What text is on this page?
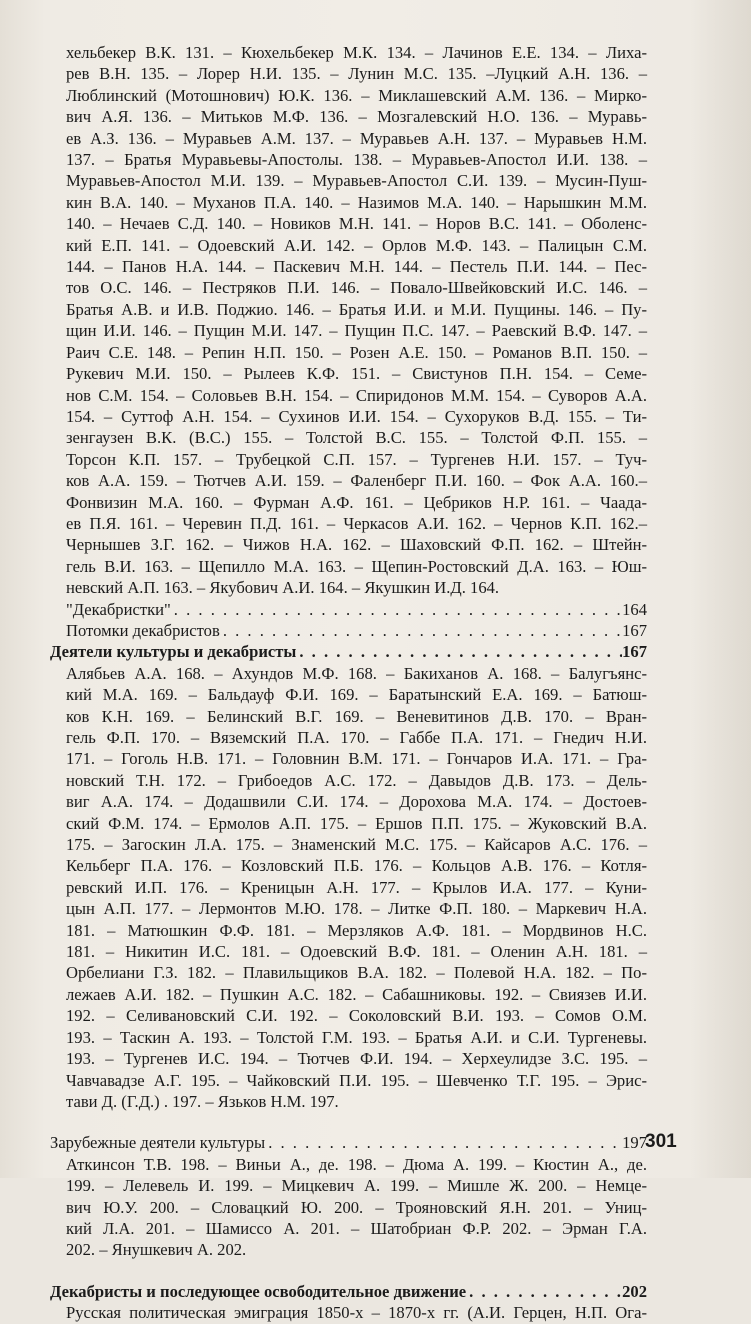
хельбекер В.К. 131. – Кюхельбекер М.К. 134. – Лачинов Е.Е. 134. – Лиха-
рев В.Н. 135. – Лорер Н.И. 135. – Лунин М.С. 135. –Луцкий А.Н. 136. –
Люблинский (Мотошнович) Ю.К. 136. – Миклашевский А.М. 136. – Мирко-
вич А.Я. 136. – Митьков М.Ф. 136. – Мозгалевский Н.О. 136. – Муравь-
ев А.З. 136. – Муравьев А.М. 137. – Муравьев А.Н. 137. – Муравьев Н.М.
137. – Братья Муравьевы-Апостолы. 138. – Муравьев-Апостол И.И. 138. –
Муравьев-Апостол М.И. 139. – Муравьев-Апостол С.И. 139. – Мусин-Пуш-
кин В.А. 140. – Муханов П.А. 140. – Назимов М.А. 140. – Нарышкин М.М.
140. – Нечаев С.Д. 140. – Новиков М.Н. 141. – Норов В.С. 141. – Оболенс-
кий Е.П. 141. – Одоевский А.И. 142. – Орлов М.Ф. 143. – Палицын С.М.
144. – Панов Н.А. 144. – Паскевич М.Н. 144. – Пестель П.И. 144. – Пес-
тов О.С. 146. – Пестряков П.И. 146. – Повало-Швейковский И.С. 146. –
Братья А.В. и И.В. Поджио. 146. – Братья И.И. и М.И. Пущины. 146. – Пу-
щин И.И. 146. – Пущин М.И. 147. – Пущин П.С. 147. – Раевский В.Ф. 147. –
Раич С.Е. 148. – Репин Н.П. 150. – Розен А.Е. 150. – Романов В.П. 150. –
Рукевич М.И. 150. – Рылеев К.Ф. 151. – Свистунов П.Н. 154. – Семе-
нов С.М. 154. – Соловьев В.Н. 154. – Спиридонов М.М. 154. – Суворов А.А.
154. – Суттоф А.Н. 154. – Сухинов И.И. 154. – Сухоруков В.Д. 155. – Ти-
зенгаузен В.К. (В.С.) 155. – Толстой В.С. 155. – Толстой Ф.П. 155. –
Торсон К.П. 157. – Трубецкой С.П. 157. – Тургенев Н.И. 157. – Туч-
ков А.А. 159. – Тютчев А.И. 159. – Фаленберг П.И. 160. – Фок А.А. 160.–
Фонвизин М.А. 160. – Фурман А.Ф. 161. – Цебриков Н.Р. 161. – Чаада-
ев П.Я. 161. – Черевин П.Д. 161. – Черкасов А.И. 162. – Чернов К.П. 162.–
Чернышев З.Г. 162. – Чижов Н.А. 162. – Шаховский Ф.П. 162. – Штейн-
гель В.И. 163. – Щепилло М.А. 163. – Щепин-Ростовский Д.А. 163. – Юш-
невский А.П. 163. – Якубович А.И. 164. – Якушкин И.Д. 164.
"Декабристки" . . .	164
Потомки декабристов . . .	167
Деятели культуры и декабристы . . .	167
Алябьев А.А. 168. – Ахундов М.Ф. 168. – Бакиханов А. 168. – Балугъянс-
кий М.А. 169. – Бальдауф Ф.И. 169. – Баратынский Е.А. 169. – Батюш-
ков К.Н. 169. – Белинский В.Г. 169. – Веневитинов Д.В. 170. – Вран-
гель Ф.П. 170. – Вяземский П.А. 170. – Габбе П.А. 171. – Гнедич Н.И.
171. – Гоголь Н.В. 171. – Головнин В.М. 171. – Гончаров И.А. 171. – Гра-
новский Т.Н. 172. – Грибоедов А.С. 172. – Давыдов Д.В. 173. – Дель-
виг А.А. 174. – Додашвили С.И. 174. – Дорохова М.А. 174. – Достоев-
ский Ф.М. 174. – Ермолов А.П. 175. – Ершов П.П. 175. – Жуковский В.А.
175. – Загоскин Л.А. 175. – Знаменский М.С. 175. – Кайсаров А.С. 176. –
Кельберг П.А. 176. – Козловский П.Б. 176. – Кольцов А.В. 176. – Котля-
ревский И.П. 176. – Креницын А.Н. 177. – Крылов И.А. 177. – Куни-
цын А.П. 177. – Лермонтов М.Ю. 178. – Литке Ф.П. 180. – Маркевич Н.А.
181. – Матюшкин Ф.Ф. 181. – Мерзляков А.Ф. 181. – Мордвинов Н.С.
181. – Никитин И.С. 181. – Одоевский В.Ф. 181. – Оленин А.Н. 181. –
Орбелиани Г.З. 182. – Плавильщиков В.А. 182. – Полевой Н.А. 182. – По-
лежаев А.И. 182. – Пушкин А.С. 182. – Сабашниковы. 192. – Свиязев И.И.
192. – Селивановский С.И. 192. – Соколовский В.И. 193. – Сомов О.М.
193. – Таскин А. 193. – Толстой Г.М. 193. – Братья А.И. и С.И. Тургеневы.
193. – Тургенев И.С. 194. – Тютчев Ф.И. 194. – Херхеулидзе З.С. 195. –
Чавчавадзе А.Г. 195. – Чайковский П.И. 195. – Шевченко Т.Г. 195. – Эрис-
тави Д. (Г.Д.) . 197. – Язьков Н.М. 197.
Зарубежные деятели культуры . . .	197
Аткинсон Т.В. 198. – Виньи А., де. 198. – Дюма А. 199. – Кюстин А., де.
199. – Лелевель И. 199. – Мицкевич А. 199. – Мишле Ж. 200. – Немце-
вич Ю.У. 200. – Словацкий Ю. 200. – Трояновский Я.Н. 201. – Униц-
кий Л.А. 201. – Шамиссо А. 201. – Шатобриан Ф.Р. 202. – Эрман Г.А.
202. – Янушкевич А. 202.
Декабристы и последующее освободительное движение . . .	202
Русская политическая эмиграция 1850-х – 1870-х гг. (А.И. Герцен, Н.П. Ога-
301
